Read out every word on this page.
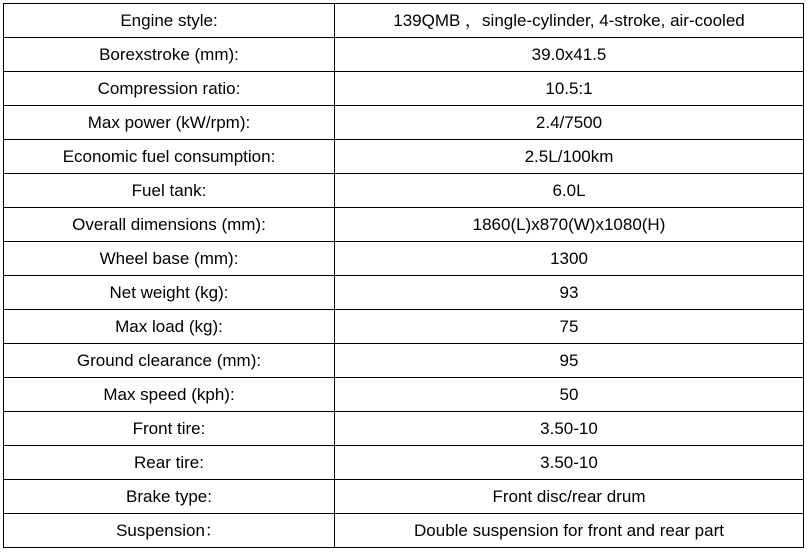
Engine style:	139QMB ，single-cylinder, 4-stroke, air-cooled
Borexstroke (mm):	39.0x41.5
Compression ratio:	10.5:1
Max power (kW/rpm):	2.4/7500
Economic fuel consumption:	2.5L/100km
Fuel tank:	6.0L
Overall dimensions (mm):	1860(L)x870(W)x1080(H)
Wheel base (mm):	1300
Net weight (kg):	93
Max load (kg):	75
Ground clearance (mm):	95
Max speed (kph):	50
Front tire:	3.50-10
Rear tire:	3.50-10
Brake type:	Front disc/rear drum
Suspension：	Double suspension for front and rear part
